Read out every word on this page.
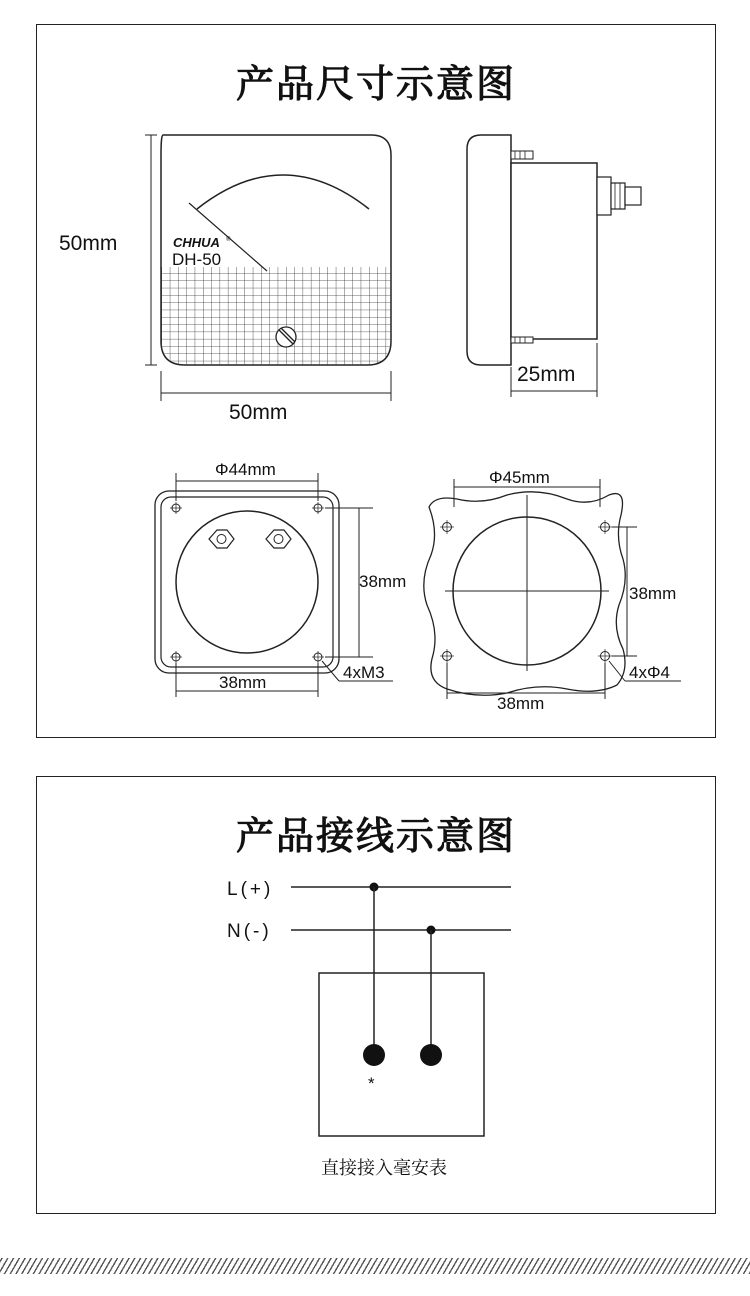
产品尺寸示意图
CHHUA ®
DH-50
50mm
50mm
25mm
Φ44mm
38mm
38mm
4xM3
Φ45mm
38mm
38mm
4xΦ4
产品接线示意图
L(+)
N(-)
*
直接接入毫安表
